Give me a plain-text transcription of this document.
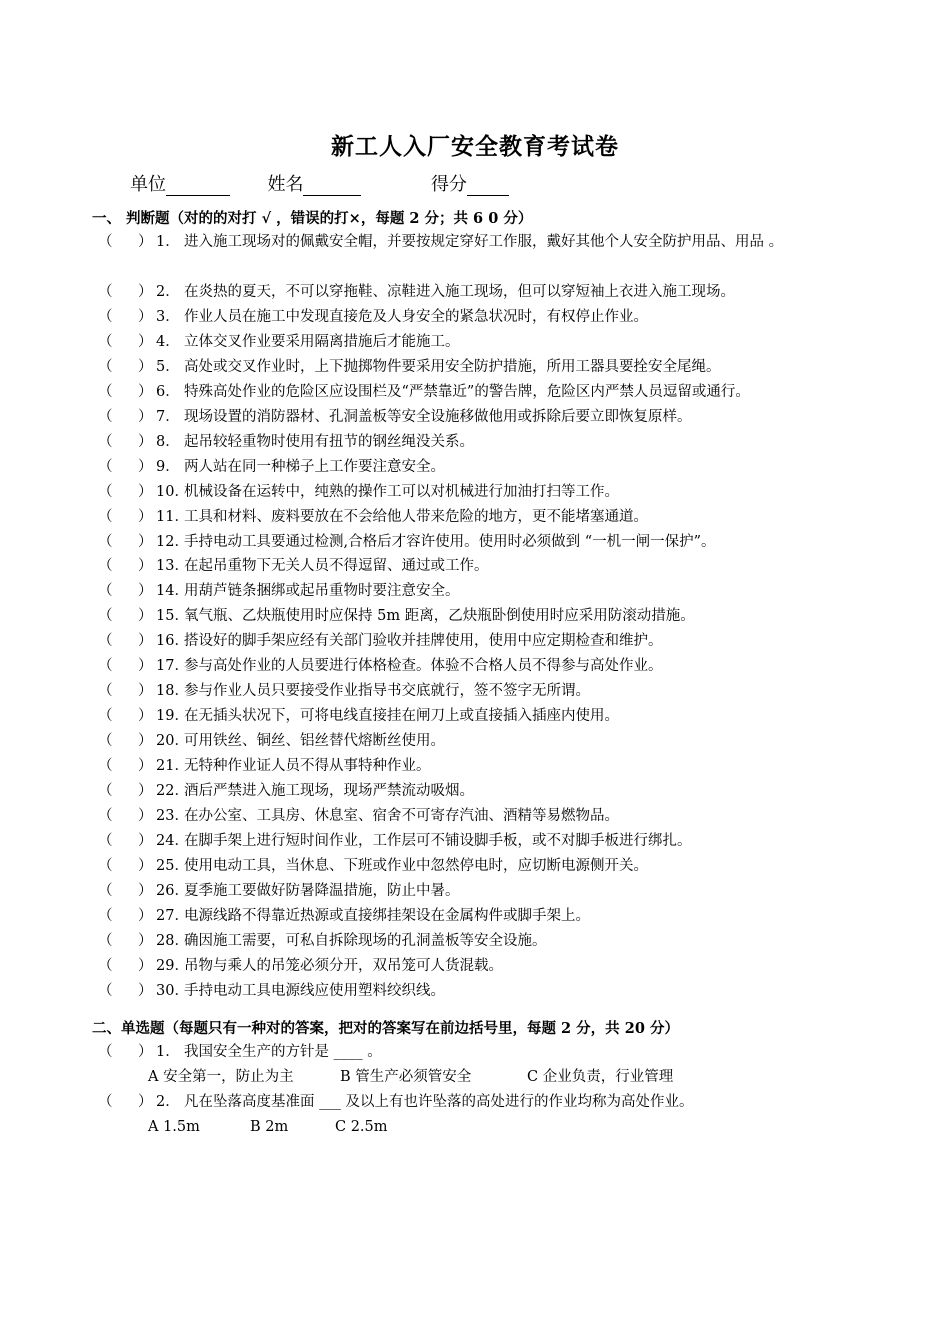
新工人入厂安全教育考试卷
单位	姓名	得分
一、 判断题（对的的对打 √ ，错误的打×，每题 2 分；共 6 0 分）
（ ） 1． 进入施工现场对的佩戴安全帽，并要按规定穿好工作服，戴好其他个人安全防护用品、用品 。
（ ） 2． 在炎热的夏天，不可以穿拖鞋、凉鞋进入施工现场，但可以穿短袖上衣进入施工现场。
（ ） 3． 作业人员在施工中发现直接危及人身安全的紧急状况时，有权停止作业。
（ ） 4． 立体交叉作业要采用隔离措施后才能施工。
（ ） 5． 高处或交叉作业时，上下抛掷物件要采用安全防护措施，所用工器具要拴安全尾绳。
（ ） 6． 特殊高处作业的危险区应设围栏及“严禁靠近”的警告牌，危险区内严禁人员逗留或通行。
（ ） 7． 现场设置的消防器材、孔洞盖板等安全设施移做他用或拆除后要立即恢复原样。
（ ） 8． 起吊较轻重物时使用有扭节的钢丝绳没关系。
（ ） 9． 两人站在同一种梯子上工作要注意安全。
（ ） 10．机械设备在运转中，纯熟的操作工可以对机械进行加油打扫等工作。
（ ） 11．工具和材料、废料要放在不会给他人带来危险的地方，更不能堵塞通道。
（ ） 12．手持电动工具要通过检测,合格后才容许使用。使用时必须做到 “一机一闸一保护”。
（ ） 13．在起吊重物下无关人员不得逗留、通过或工作。
（ ） 14．用葫芦链条捆绑或起吊重物时要注意安全。
（ ） 15．氧气瓶、乙炔瓶使用时应保持 5m 距离，乙炔瓶卧倒使用时应采用防滚动措施。
（ ） 16．搭设好的脚手架应经有关部门验收并挂牌使用，使用中应定期检查和维护。
（ ） 17．参与高处作业的人员要进行体格检查。体验不合格人员不得参与高处作业。
（ ） 18．参与作业人员只要接受作业指导书交底就行，签不签字无所谓。
（ ） 19．在无插头状况下，可将电线直接挂在闸刀上或直接插入插座内使用。
（ ） 20．可用铁丝、铜丝、铝丝替代熔断丝使用。
（ ） 21．无特种作业证人员不得从事特种作业。
（ ） 22．酒后严禁进入施工现场，现场严禁流动吸烟。
（ ） 23．在办公室、工具房、休息室、宿舍不可寄存汽油、酒精等易燃物品。
（ ） 24．在脚手架上进行短时间作业，工作层可不铺设脚手板，或不对脚手板进行绑扎。
（ ） 25．使用电动工具，当休息、下班或作业中忽然停电时，应切断电源侧开关。
（ ） 26．夏季施工要做好防暑降温措施，防止中暑。
（ ） 27．电源线路不得靠近热源或直接绑挂架设在金属构件或脚手架上。
（ ） 28．确因施工需要，可私自拆除现场的孔洞盖板等安全设施。
（ ） 29．吊物与乘人的吊笼必须分开，双吊笼可人货混载。
（ ） 30．手持电动工具电源线应使用塑料绞织线。
二、单选题（每题只有一种对的答案，把对的答案写在前边括号里，每题 2 分，共 20 分）
（ ） 1． 我国安全生产的方针是 ____ 。
A 安全第一，防止为主	B 管生产必须管安全	C 企业负责，行业管理
（ ） 2． 凡在坠落高度基准面 ___ 及以上有也许坠落的高处进行的作业均称为高处作业。
A 1.5m	B 2m	C 2.5m
